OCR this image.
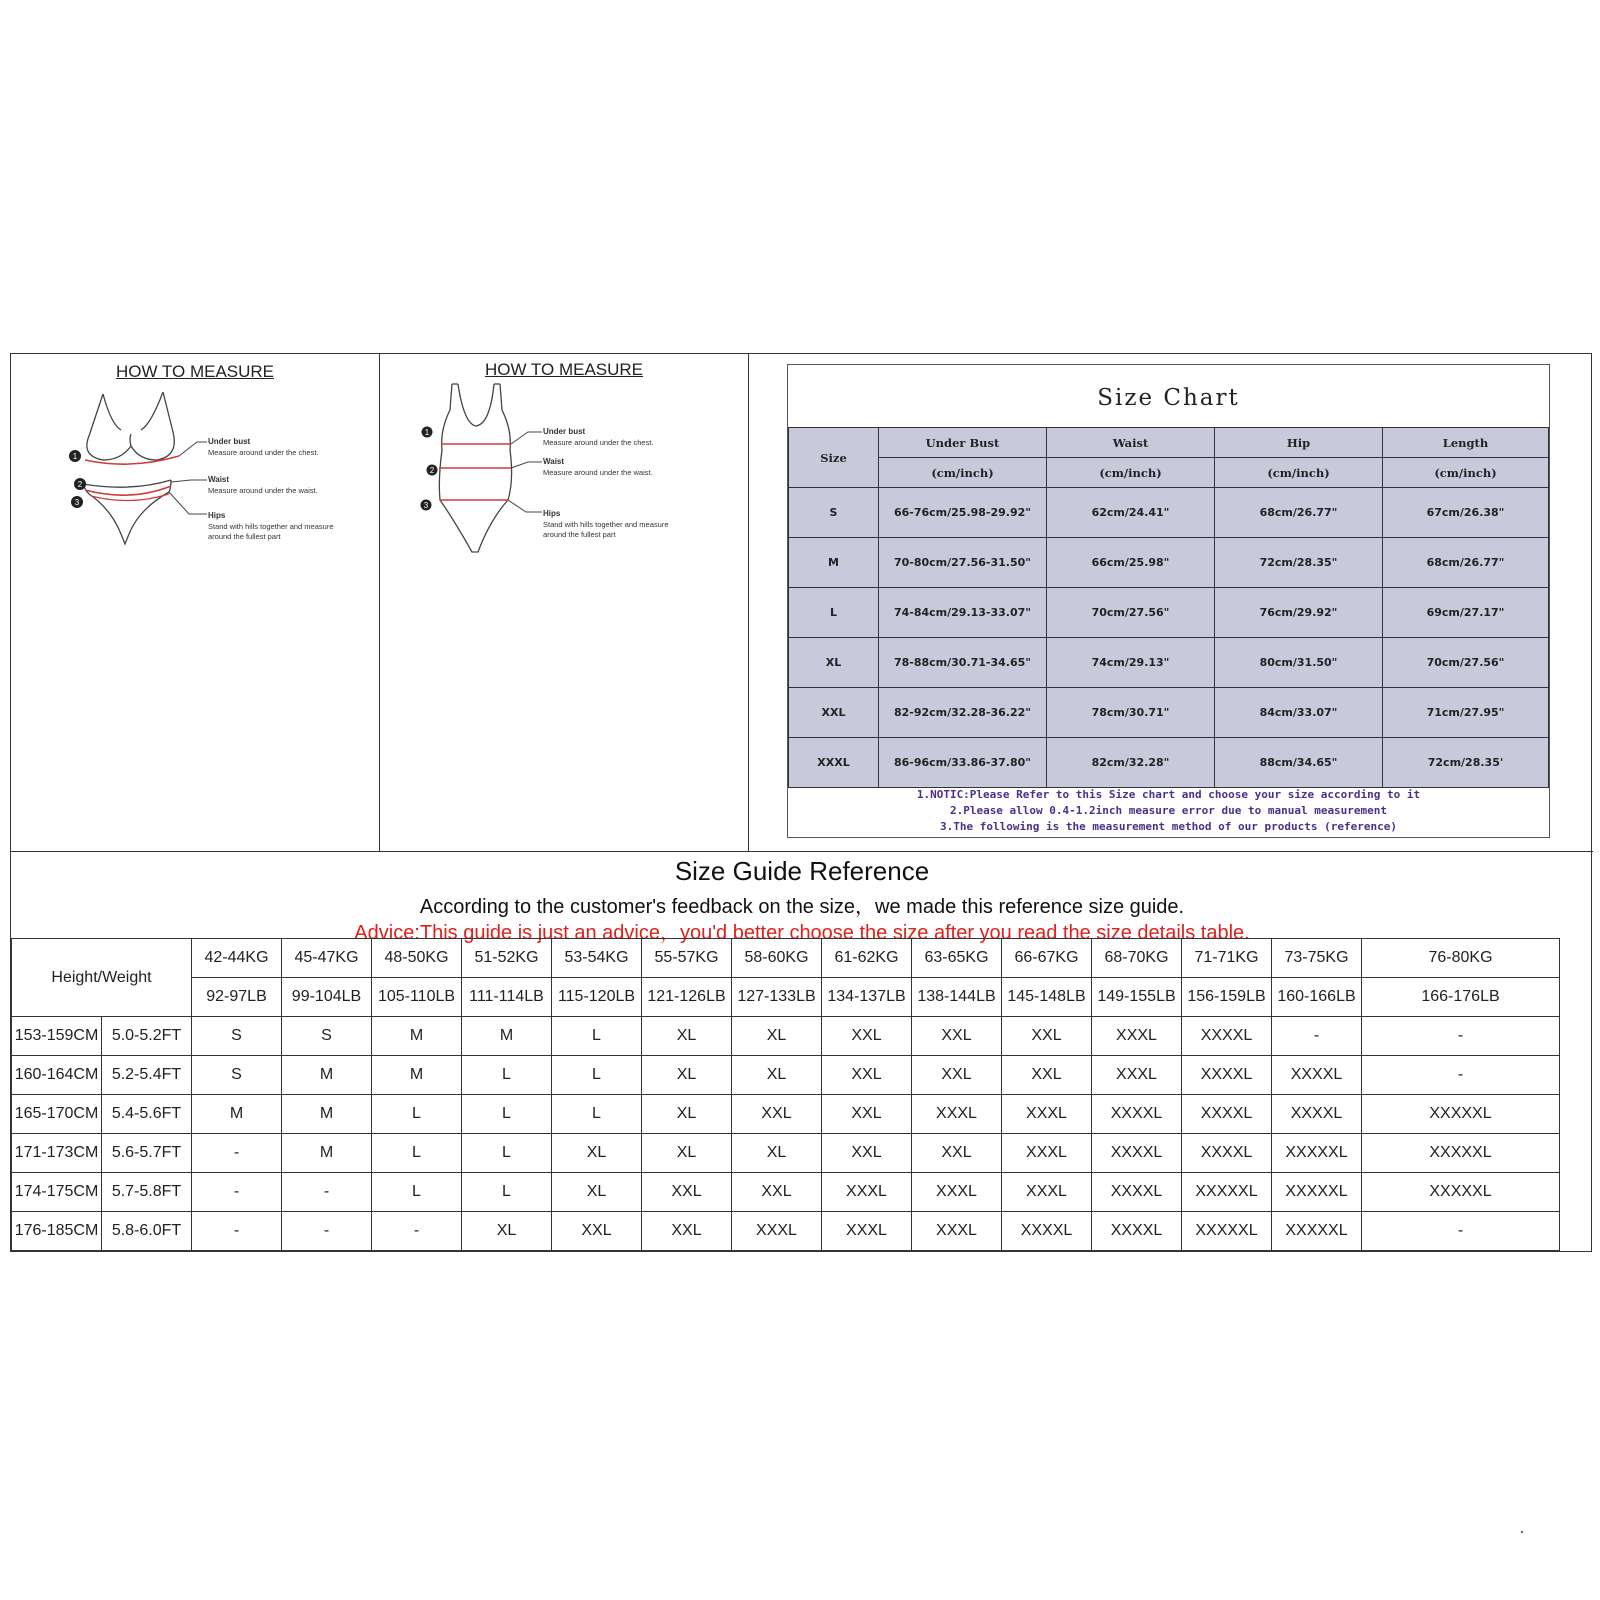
HOW TO MEASURE
1
2
3
Under bust
Measure around under the chest.
Waist
Measure around under the waist.
Hips
Stand with hills together and measure
around the fullest part
HOW TO MEASURE
1
2
3
Under bust
Measure around under the chest.
Waist
Measure around under the waist.
Hips
Stand with hills together and measure
around the fullest part
Size Chart
Size	Under Bust	Waist	Hip	Length
	(cm/inch)	(cm/inch)	(cm/inch)	(cm/inch)
S	66-76cm/25.98-29.92"	62cm/24.41"	68cm/26.77"	67cm/26.38"
M	70-80cm/27.56-31.50"	66cm/25.98"	72cm/28.35"	68cm/26.77"
L	74-84cm/29.13-33.07"	70cm/27.56"	76cm/29.92"	69cm/27.17"
XL	78-88cm/30.71-34.65"	74cm/29.13"	80cm/31.50"	70cm/27.56"
XXL	82-92cm/32.28-36.22"	78cm/30.71"	84cm/33.07"	71cm/27.95"
XXXL	86-96cm/33.86-37.80"	82cm/32.28"	88cm/34.65"	72cm/28.35'
1.NOTIC:Please Refer to this Size chart and choose your size according to it
2.Please allow 0.4-1.2inch measure error due to manual measurement
3.The following is the measurement method of our products (reference)
Size Guide Reference
According to the customer's feedback on the size，we made this reference size guide.
Advice:This guide is just an advice，you'd better choose the size after you read the size details table.
Height/Weight		42-44KG	45-47KG	48-50KG	51-52KG	53-54KG	55-57KG	58-60KG	61-62KG	63-65KG	66-67KG	68-70KG	71-71KG	73-75KG	76-80KG
		92-97LB	99-104LB	105-110LB	111-114LB	115-120LB	121-126LB	127-133LB	134-137LB	138-144LB	145-148LB	149-155LB	156-159LB	160-166LB	166-176LB
153-159CM	5.0-5.2FT	S	S	M	M	L	XL	XL	XXL	XXL	XXL	XXXL	XXXXL	-	-
160-164CM	5.2-5.4FT	S	M	M	L	L	XL	XL	XXL	XXL	XXL	XXXL	XXXXL	XXXXL	-
165-170CM	5.4-5.6FT	M	M	L	L	L	XL	XXL	XXL	XXXL	XXXL	XXXXL	XXXXL	XXXXL	XXXXXL
171-173CM	5.6-5.7FT	-	M	L	L	XL	XL	XL	XXL	XXL	XXXL	XXXXL	XXXXL	XXXXXL	XXXXXL
174-175CM	5.7-5.8FT	-	-	L	L	XL	XXL	XXL	XXXL	XXXL	XXXL	XXXXL	XXXXXL	XXXXXL	XXXXXL
176-185CM	5.8-6.0FT	-	-	-	XL	XXL	XXL	XXXL	XXXL	XXXL	XXXXL	XXXXL	XXXXXL	XXXXXL	-
